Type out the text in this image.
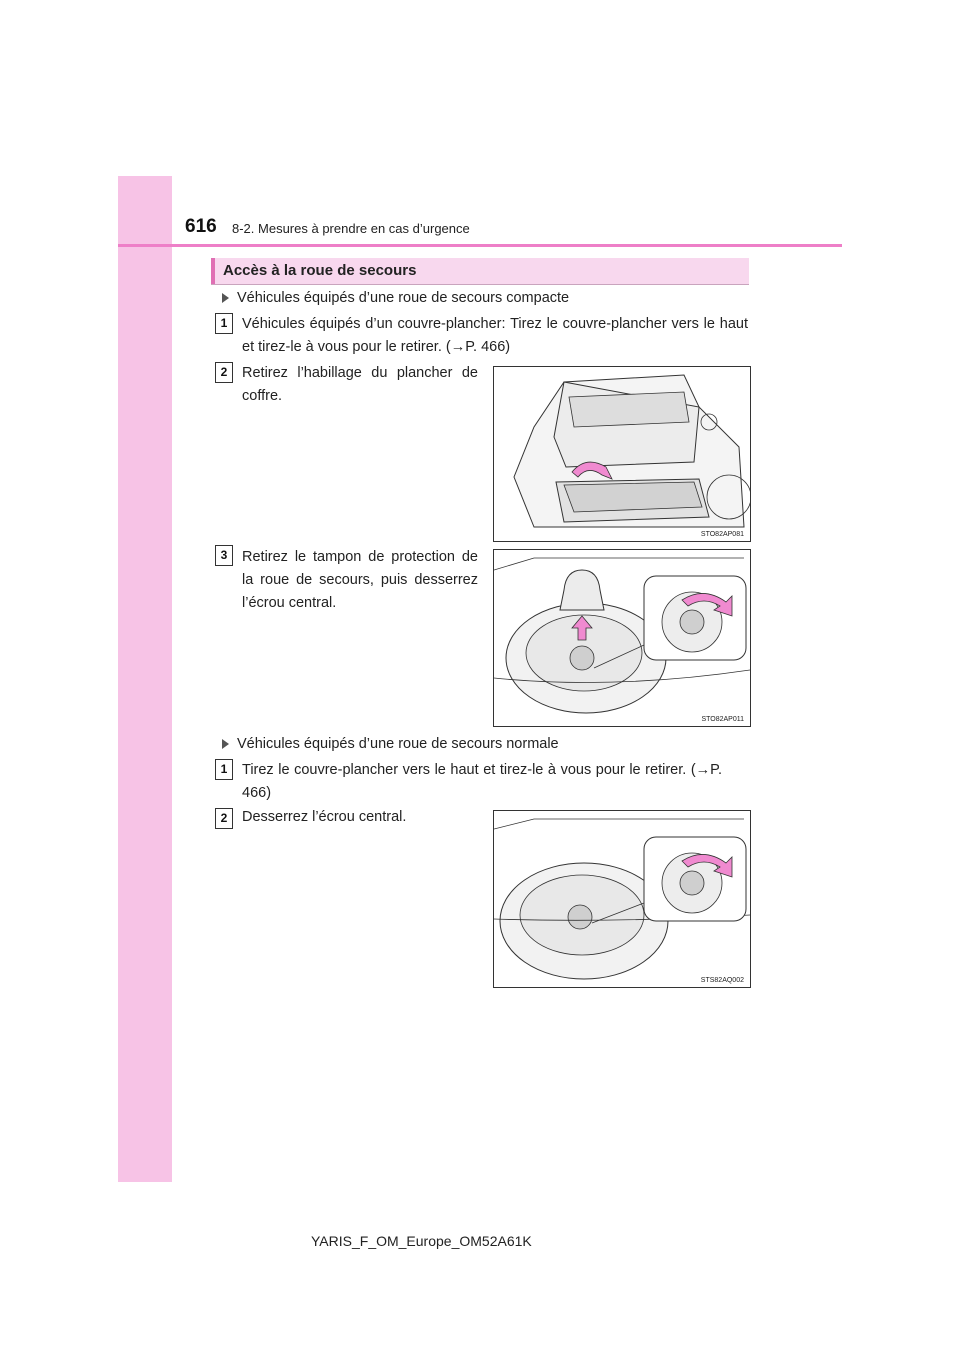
616 8-2. Mesures à prendre en cas d’urgence
Accès à la roue de secours
Véhicules équipés d’une roue de secours compacte
1	Véhicules équipés d’un couvre-plancher: Tirez le couvre-plancher vers le haut et tirez-le à vous pour le retirer. (→P. 466)
2	Retirez l’habillage du plancher de coffre.
STO82AP081
3	Retirez le tampon de protection de la roue de secours, puis desserrez l’écrou central.
STO82AP011
Véhicules équipés d’une roue de secours normale
1	Tirez le couvre-plancher vers le haut et tirez-le à vous pour le retirer. (→P. 466)
2	Desserrez l’écrou central.
STS82AQ002
YARIS_F_OM_Europe_OM52A61K
